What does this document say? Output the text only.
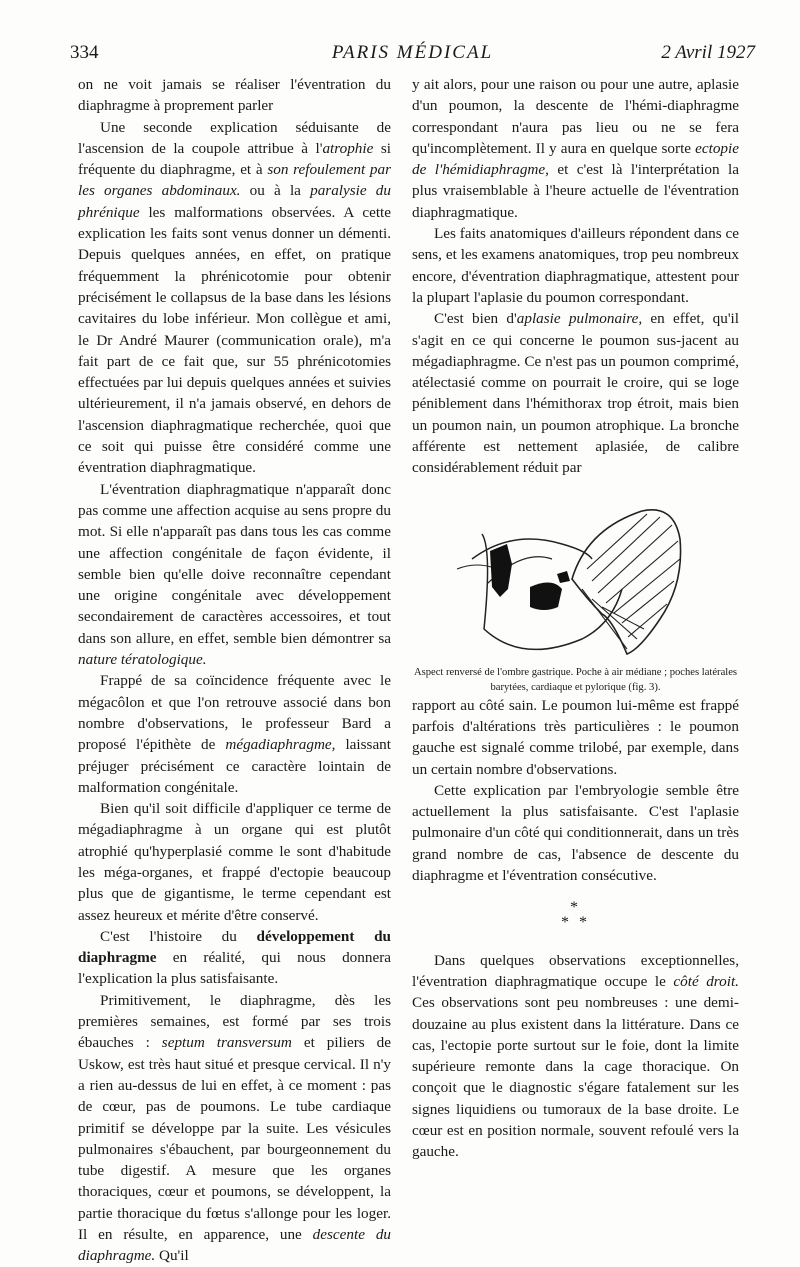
334	PARIS MÉDICAL	2 Avril 1927

on ne voit jamais se réaliser l'éventration du diaphragme à proprement parler

Une seconde explication séduisante de l'ascension de la coupole attribue à l'atrophie si fréquente du diaphragme, et à son refoulement par les organes abdominaux. ou à la paralysie du phrénique les malformations observées. A cette explication les faits sont venus donner un démenti. Depuis quelques années, en effet, on pratique fréquemment la phrénicotomie pour obtenir précisément le collapsus de la base dans les lésions cavitaires du lobe inférieur. Mon collègue et ami, le Dr André Maurer (communication orale), m'a fait part de ce fait que, sur 55 phrénicotomies effectuées par lui depuis quelques années et suivies ultérieurement, il n'a jamais observé, en dehors de l'ascension diaphragmatique recherchée, quoi que ce soit qui puisse être considéré comme une éventration diaphragmatique.

L'éventration diaphragmatique n'apparaît donc pas comme une affection acquise au sens propre du mot. Si elle n'apparaît pas dans tous les cas comme une affection congénitale de façon évidente, il semble bien qu'elle doive reconnaître cependant une origine congénitale avec développement secondairement de caractères accessoires, et tout dans son allure, en effet, semble bien démontrer sa nature tératologique.

Frappé de sa coïncidence fréquente avec le mégacôlon et que l'on retrouve associé dans bon nombre d'observations, le professeur Bard a proposé l'épithète de mégadiaphragme, laissant préjuger précisément ce caractère lointain de malformation congénitale.

Bien qu'il soit difficile d'appliquer ce terme de mégadiaphragme à un organe qui est plutôt atrophié qu'hyperplasié comme le sont d'habitude les méga-organes, et frappé d'ectopie beaucoup plus que de gigantisme, le terme cependant est assez heureux et mérite d'être conservé.

C'est l'histoire du développement du diaphragme en réalité, qui nous donnera l'explication la plus satisfaisante.

Primitivement, le diaphragme, dès les premières semaines, est formé par ses trois ébauches : septum transversum et piliers de Uskow, est très haut situé et presque cervical. Il n'y a rien au-dessus de lui en effet, à ce moment : pas de cœur, pas de poumons. Le tube cardiaque primitif se développe par la suite. Les vésicules pulmonaires s'ébauchent, par bourgeonnement du tube digestif. A mesure que les organes thoraciques, cœur et poumons, se développent, la partie thoracique du fœtus s'allonge pour les loger. Il en résulte, en apparence, une descente du diaphragme. Qu'il

y ait alors, pour une raison ou pour une autre, aplasie d'un poumon, la descente de l'hémi-diaphragme correspondant n'aura pas lieu ou ne se fera qu'incomplètement. Il y aura en quelque sorte ectopie de l'hémidiaphragme, et c'est là l'interprétation la plus vraisemblable à l'heure actuelle de l'éventration diaphragmatique.

Les faits anatomiques d'ailleurs répondent dans ce sens, et les examens anatomiques, trop peu nombreux encore, d'éventration diaphragmatique, attestent pour la plupart l'aplasie du poumon correspondant.

C'est bien d'aplasie pulmonaire, en effet, qu'il s'agit en ce qui concerne le poumon sus-jacent au mégadiaphragme. Ce n'est pas un poumon comprimé, atélectasié comme on pourrait le croire, qui se loge péniblement dans l'hémithorax trop étroit, mais bien un poumon nain, un poumon atrophique. La bronche afférente est nettement aplasiée, de calibre considérablement réduit par

Aspect renversé de l'ombre gastrique. Poche à air médiane ; poches latérales barytées, cardiaque et pylorique (fig. 3).

rapport au côté sain. Le poumon lui-même est frappé parfois d'altérations très particulières : le poumon gauche est signalé comme trilobé, par exemple, dans un certain nombre d'observations.

Cette explication par l'embryologie semble être actuellement la plus satisfaisante. C'est l'aplasie pulmonaire d'un côté qui conditionnerait, dans un très grand nombre de cas, l'absence de descente du diaphragme et l'éventration consécutive.

*
* *

Dans quelques observations exceptionnelles, l'éventration diaphragmatique occupe le côté droit. Ces observations sont peu nombreuses : une demi-douzaine au plus existent dans la littérature. Dans ce cas, l'ectopie porte surtout sur le foie, dont la limite supérieure remonte dans la cage thoracique. On conçoit que le diagnostic s'égare fatalement sur les signes liquidiens ou tumoraux de la base droite. Le cœur est en position normale, souvent refoulé vers la gauche.
